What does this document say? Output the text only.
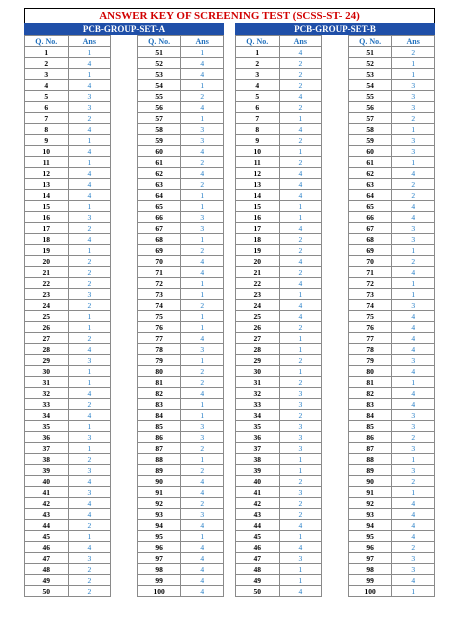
ANSWER KEY OF SCREENING TEST (SCSS-ST- 24)
PCB-GROUP-SET-A
Q. No.	Ans
1	1
2	4
3	1
4	4
5	3
6	3
7	2
8	4
9	1
10	4
11	1
12	4
13	4
14	4
15	1
16	3
17	2
18	4
19	1
20	2
21	2
22	2
23	3
24	2
25	1
26	1
27	2
28	4
29	3
30	1
31	1
32	4
33	2
34	4
35	1
36	3
37	1
38	2
39	3
40	4
41	3
42	4
43	4
44	2
45	1
46	4
47	3
48	2
49	2
50	2
Q. No.	Ans
51	1
52	4
53	4
54	1
55	2
56	4
57	1
58	3
59	3
60	4
61	2
62	4
63	2
64	1
65	1
66	3
67	3
68	1
69	2
70	4
71	4
72	1
73	1
74	2
75	1
76	1
77	4
78	3
79	1
80	2
81	2
82	4
83	1
84	1
85	3
86	3
87	2
88	1
89	2
90	4
91	4
92	2
93	3
94	4
95	1
96	4
97	4
98	4
99	4
100	4
PCB-GROUP-SET-B
Q. No.	Ans
1	4
2	2
3	2
4	2
5	4
6	2
7	1
8	4
9	2
10	1
11	2
12	4
13	4
14	4
15	1
16	1
17	4
18	2
19	2
20	4
21	2
22	4
23	1
24	4
25	4
26	2
27	1
28	1
29	2
30	1
31	2
32	3
33	3
34	2
35	3
36	3
37	3
38	1
39	1
40	2
41	3
42	2
43	2
44	4
45	1
46	4
47	3
48	1
49	1
50	4
Q. No.	Ans
51	2
52	1
53	1
54	3
55	3
56	3
57	2
58	1
59	3
60	3
61	1
62	4
63	2
64	2
65	4
66	4
67	3
68	3
69	1
70	2
71	4
72	1
73	1
74	3
75	4
76	4
77	4
78	4
79	3
80	4
81	1
82	4
83	4
84	3
85	3
86	2
87	3
88	1
89	3
90	2
91	1
92	4
93	4
94	4
95	4
96	2
97	3
98	3
99	4
100	1
